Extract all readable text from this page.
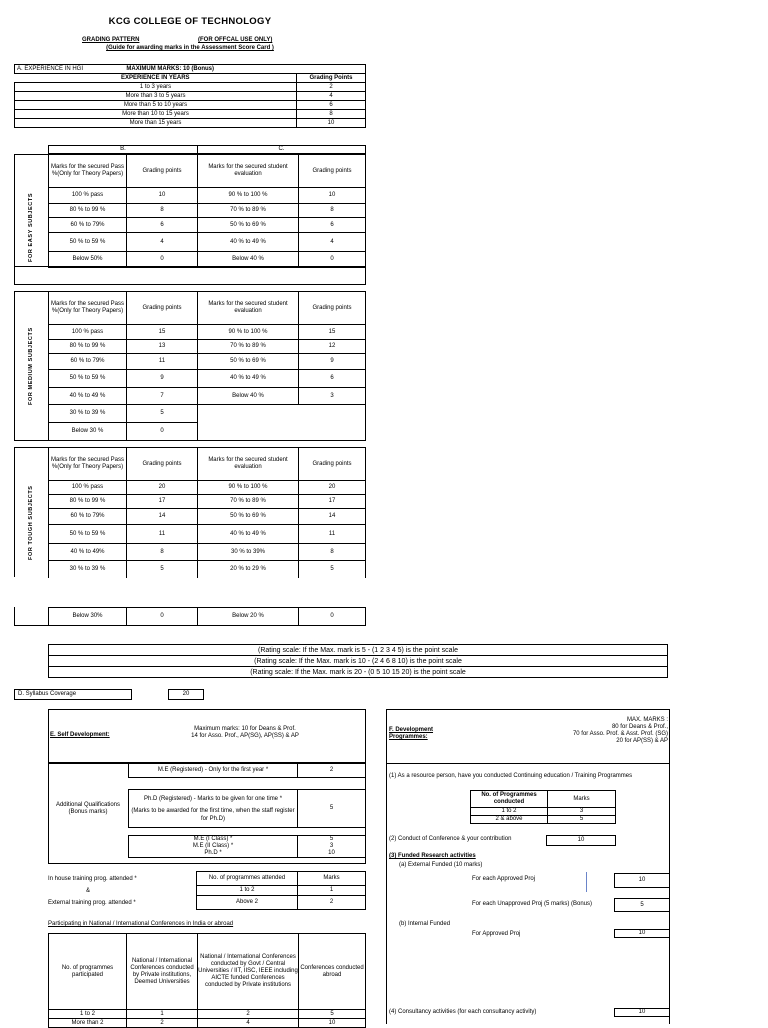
KCG COLLEGE OF TECHNOLOGY
GRADING PATTERN	(FOR OFFCAL USE ONLY)
(Guide for awarding marks in the Assessment Score Card )
A. EXPERIENCE IN HGI MAXIMUM MARKS: 10 (Bonus)	
EXPERIENCE IN YEARS	Grading Points
1 to 3 years	2
More than 3 to 5 years	4
More than 5 to 10 years	6
More than 10 to 15 years	8
More than 15 years	10
B.	C.
FOR EASY SUBJECTS
Marks for the secured Pass %(Only for Theory Papers)	Grading points	Marks for the secured student evaluation	Grading points
100 % pass	10	90 % to 100 %	10
80 % to 99 %	8	70 % to 89 %	8
60 % to 79%	6	50 % to 69 %	6
50 % to 59 %	4	40 % to 49 %	4
Below 50%	0	Below 40 %	0
FOR MEDIUM SUBJECTS
Marks for the secured Pass %(Only for Theory Papers)	Grading points	Marks for the secured student evaluation	Grading points
100 % pass	15	90 % to 100 %	15
80 % to 99 %	13	70 % to 89 %	12
60 % to 79%	11	50 % to 69 %	9
50 % to 59 %	9	40 % to 49 %	6
40 % to 49 %	7	Below 40 %	3
30 % to 39 %	5		
Below 30 %	0		
FOR TOUGH SUBJECTS
Marks for the secured Pass %(Only for Theory Papers)	Grading points	Marks for the secured student evaluation	Grading points
100 % pass	20	90 % to 100 %	20
80 % to 99 %	17	70 % to 89 %	17
60 % to 79%	14	50 % to 69 %	14
50 % to 59 %	11	40 % to 49 %	11
40 % to 49%	8	30 % to 39%	8
30 % to 39 %	5	20 % to 29 %	5
Below 30%	0	Below 20 %	0
(Rating scale: If the Max. mark is 5 - (1 2 3 4 5) is the point scale
(Rating scale: If the Max. mark is 10 - (2 4 6 8 10) is the point scale
(Rating scale: If the Max. mark is 20 - (0 5 10 15 20) is the point scale
D. Syllabus Coverage		20
E. Self Development:
Maximum marks: 10 for Deans & Prof.
14 for Asso. Prof., AP(SG), AP(SS) & AP
Additional Qualifications (Bonus marks)
M.E (Registered) - Only for the first year *	2
Ph.D (Registered) - Marks to be given for one time *
(Marks to be awarded for the first time, when the staff register for Ph.D)
	5
M.E (I Class) *	5
M.E (II Class) *	3
Ph.D *	10
In house training prog. attended *
&
External training prog. attended *
No. of programmes attended	Marks
1 to 2	1
Above 2	2
Participating in National / International Conferences in India or abroad
No. of programmes participated	National / International Conferences conducted by Private institutions, Deemed Universities	National / International Conferences conducted by Govt / Central Universities / IIT, IISC, IEEE including AICTE funded Conferences conducted by Private institutions	Conferences conducted abroad
1 to 2	1	2	5
More than 2	2	4	10
F. Development Programmes:
MAX. MARKS :
80 for Deans & Prof.,
70 for Asso. Prof. & Asst. Prof. (SG)
20 for AP(SS) & AP
(1) As a resource person, have you conducted Continuing education / Training Programmes
No. of Programmes conducted	Marks
1 to 2	3
2 & above	5
(2) Conduct of Conference & your contribution	10
(3) Funded Research activities
(a) External Funded (10 marks)
For each Approved Proj	10
For each Unapproved Proj (5 marks) (Bonus)	5
(b) Internal Funded
For Approved Proj	10
(4) Consultancy activities (for each consultancy activity)	10
